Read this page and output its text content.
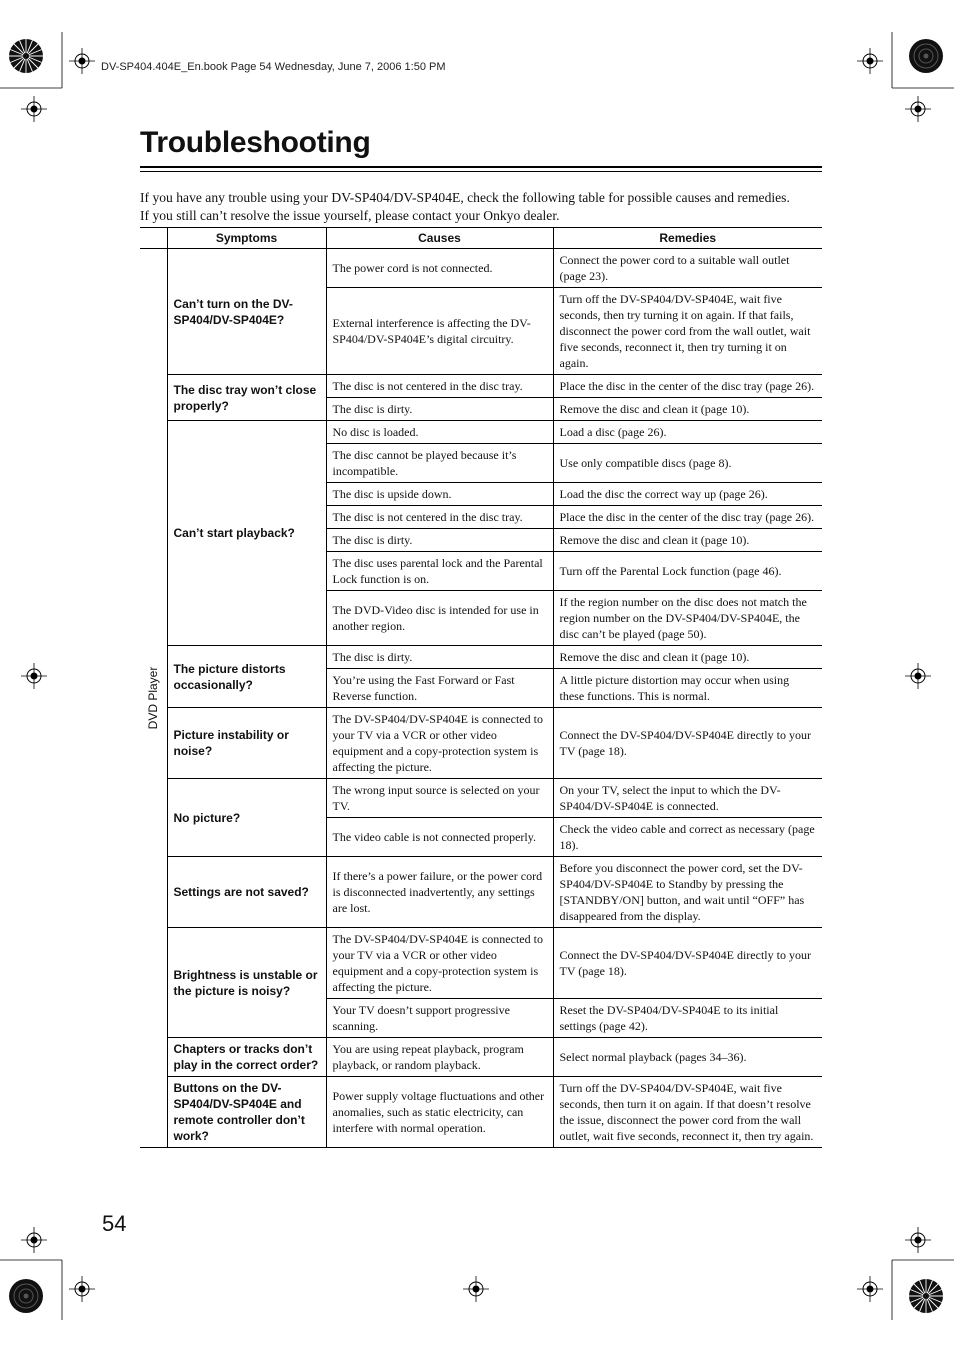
DV-SP404.404E_En.book Page 54 Wednesday, June 7, 2006 1:50 PM
Troubleshooting

If you have any trouble using your DV-SP404/DV-SP404E, check the following table for possible causes and remedies.

If you still can’t resolve the issue yourself, please contact your Onkyo dealer.

	Symptoms	Causes	Remedies

DVD Player	Can’t turn on the DV-SP404/DV-SP404E?	The power cord is not connected.	Connect the power cord to a suitable wall outlet (page 23).
		External interference is affecting the DV-SP404/DV-SP404E’s digital circuitry.	Turn off the DV-SP404/DV-SP404E, wait five seconds, then try turning it on again. If that fails, disconnect the power cord from the wall outlet, wait five seconds, reconnect it, then try turning it on again.
	The disc tray won’t close properly?	The disc is not centered in the disc tray.	Place the disc in the center of the disc tray (page 26).
		The disc is dirty.	Remove the disc and clean it (page 10).
	Can’t start playback?	No disc is loaded.	Load a disc (page 26).
		The disc cannot be played because it’s incompatible.	Use only compatible discs (page 8).
		The disc is upside down.	Load the disc the correct way up (page 26).
		The disc is not centered in the disc tray.	Place the disc in the center of the disc tray (page 26).
		The disc is dirty.	Remove the disc and clean it (page 10).
		The disc uses parental lock and the Parental Lock function is on.	Turn off the Parental Lock function (page 46).
		The DVD-Video disc is intended for use in another region.	If the region number on the disc does not match the region number on the DV-SP404/DV-SP404E, the disc can’t be played (page 50).
	The picture distorts occasionally?	The disc is dirty.	Remove the disc and clean it (page 10).
		You’re using the Fast Forward or Fast Reverse function.	A little picture distortion may occur when using these functions. This is normal.
	Picture instability or noise?	The DV-SP404/DV-SP404E is connected to your TV via a VCR or other video equipment and a copy-protection system is affecting the picture.	Connect the DV-SP404/DV-SP404E directly to your TV (page 18).
	No picture?	The wrong input source is selected on your TV.	On your TV, select the input to which the DV-SP404/DV-SP404E is connected.
		The video cable is not connected properly.	Check the video cable and correct as necessary (page 18).
	Settings are not saved?	If there’s a power failure, or the power cord is disconnected inadvertently, any settings are lost.	Before you disconnect the power cord, set the DV-SP404/DV-SP404E to Standby by pressing the [STANDBY/ON] button, and wait until “OFF” has disappeared from the display.
	Brightness is unstable or the picture is noisy?	The DV-SP404/DV-SP404E is connected to your TV via a VCR or other video equipment and a copy-protection system is affecting the picture.	Connect the DV-SP404/DV-SP404E directly to your TV (page 18).
		Your TV doesn’t support progressive scanning.	Reset the DV-SP404/DV-SP404E to its initial settings (page 42).
	Chapters or tracks don’t play in the correct order?	You are using repeat playback, program playback, or random playback.	Select normal playback (pages 34–36).
	Buttons on the DV-SP404/DV-SP404E and remote controller don’t work?	Power supply voltage fluctuations and other anomalies, such as static electricity, can interfere with normal operation.	Turn off the DV-SP404/DV-SP404E, wait five seconds, then turn it on again. If that doesn’t resolve the issue, disconnect the power cord from the wall outlet, wait five seconds, reconnect it, then try again.
54
